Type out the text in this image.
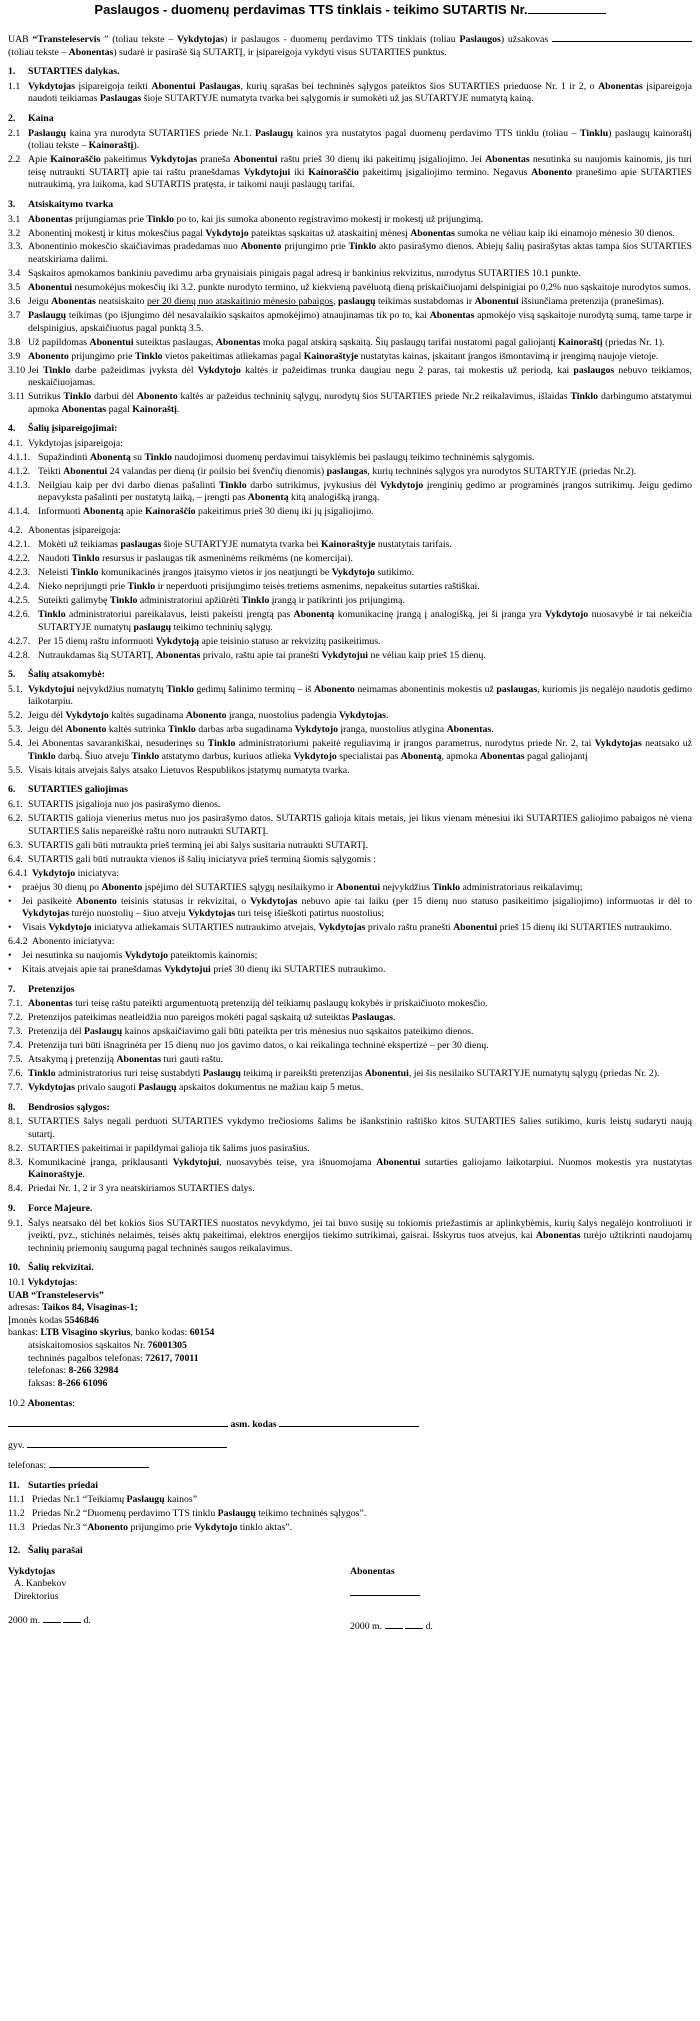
Paslaugos - duomenų perdavimas TTS tinklais - teikimo SUTARTIS Nr.

UAB “Transteleservis ” (toliau tekste – Vykdytojas) ir paslaugos - duomenų perdavimo TTS tinklais (toliau Paslaugos) užsakovas  (toliau tekste – Abonentas) sudarė ir pasirašė šią SUTARTĮ, ir įsipareigoja vykdyti visus SUTARTIES punktus.

1.	SUTARTIES dalykas.
1.1 Vykdytojas įsipareigoja teikti Abonentui Paslaugas, kurių sąrašas bei techninės sąlygos pateiktos šios SUTARTIES prieduose Nr. 1 ir 2, o Abonentas įsipareigoja naudoti teikiamas Paslaugas šioje SUTARTYJE numatyta tvarka bei sąlygomis ir sumokėti už jas SUTARTYJE numatytą kainą.
2.	Kaina
2.1 Paslaugų kaina yra nurodyta SUTARTIES priede Nr.1. Paslaugų kainos yra nustatytos pagal duomenų perdavimo TTS tinklu (toliau – Tinklu) paslaugų kainoraštį (toliau tekste – Kainoraštį).
2.2 Apie Kainoraščio pakeitimus Vykdytojas praneša Abonentui raštu prieš 30 dienų iki pakeitimų įsigaliojimo. Jei Abonentas nesutinka su naujomis kainomis, jis turi teisę nutraukti SUTARTĮ apie tai raštu pranešdamas Vykdytojui iki Kainoraščio pakeitimų įsigaliojimo termino. Negavus Abonento pranešimo apie SUTARTIES nutraukimą, yra laikoma, kad SUTARTIS pratęsta, ir taikomi nauji paslaugų tarifai.
3.	Atsiskaitymo tvarka
3.1 Abonentas prijungiamas prie Tinklo po to, kai jis sumoka abonento registravimo mokestį ir mokestį už prijungimą.
3.2 Abonentinį mokestį ir kitus mokesčius pagal Vykdytojo pateiktas sąskaitas už ataskaitinį mėnesį Abonentas sumoka ne vėliau kaip iki einamojo mėnesio 30 dienos.
3.3. Abonentinio mokesčio skaičiavimas pradedamas nuo Abonento prijungimo prie Tinklo akto pasirašymo dienos. Abiejų šalių pasirašytas aktas tampa šios SUTARTIES neatskiriama dalimi.
3.4 Sąskaitos apmokamos bankiniu pavedimu arba grynaisiais pinigais pagal adresą ir bankinius rekvizitus, nurodytus SUTARTIES 10.1 punkte.
3.5 Abonentui nesumokėjus mokesčių iki 3.2. punkte nurodyto termino, už kiekvieną pavėluotą dieną priskaičiuojami delspinigiai po 0,2% nuo sąskaitoje nurodytos sumos.
3.6 Jeigu Abonentas neatsiskaito per 20 dienų nuo ataskaitinio mėnesio pabaigos, paslaugų teikimas sustabdomas ir Abonentui išsiunčiama pretenzija (pranešimas).
3.7 Paslaugų teikimas (po išjungimo dėl nesavalaikio sąskaitos apmokėjimo) atnaujinamas tik po to, kai Abonentas apmokėjo visą sąskaitoje nurodytą sumą, tame tarpe ir delspinigius, apskaičiuotus pagal punktą 3.5.
3.8 Už papildomas Abonentui suteiktas paslaugas, Abonentas moka pagal atskirą sąskaitą. Šių paslaugų tarifai nustatomi pagal galiojantį Kainoraštį (priedas Nr. 1).
3.9 Abonento prijungimo prie Tinklo vietos pakeitimas atliekamas pagal Kainoraštyje nustatytas kainas, įskaitant įrangos išmontavimą ir įrengimą naujoje vietoje.
3.10 Jei Tinklo darbe pažeidimas įvyksta dėl Vykdytojo kaltės ir pažeidimas trunka daugiau negu 2 paras, tai mokestis už periodą, kai paslaugos nebuvo teikiamos, neskaičiuojamas.
3.11 Sutrikus Tinklo darbui dėl Abonento kaltės ar pažeidus techninių sąlygų, nurodytų šios SUTARTIES priede Nr.2 reikalavimus, išlaidas Tinklo darbingumo atstatymui apmoka Abonentas pagal Kainoraštį.
4.	Šalių įsipareigojimai:
4.1. Vykdytojas įsipareigoja:
4.1.1. Supažindinti Abonentą su Tinklo naudojimosi duomenų perdavimui taisyklėmis bei paslaugų teikimo techninėmis sąlygomis.
4.1.2. Teikti Abonentui 24 valandas per dieną (ir poilsio bei švenčių dienomis) paslaugas, kurių techninės sąlygos yra nurodytos SUTARTYJE (priedas Nr.2).
4.1.3. Neilgiau kaip per dvi darbo dienas pašalinti Tinklo darbo sutrikimus, įvykusius dėl Vykdytojo įrenginių gedimo ar programinės įrangos sutrikimų. Jeigu gedimo nepavyksta pašalinti per nustatytą laiką, – įrengti pas Abonentą kitą analogišką įrangą.
4.1.4. Informuoti Abonentą apie Kainoraščio pakeitimus prieš 30 dienų iki jų įsigaliojimo.
4.2. Abonentas įsipareigoja:
4.2.1. Mokėti už teikiamas paslaugas šioje SUTARTYJE numatyta tvarka bei Kainoraštyje nustatytais tarifais.
4.2.2. Naudoti Tinklo resursus ir paslaugas tik asmeninėms reikmėms (ne komercijai).
4.2.3. Neleisti Tinklo komunikacinės įrangos įtaisymo vietos ir jos neatjungti be Vykdytojo sutikimo.
4.2.4. Nieko neprijungti prie Tinklo ir neperduoti prisijungimo teisės tretiems asmenims, nepakeitus sutarties raštiškai.
4.2.5. Suteikti galimybę Tinklo administratoriui apžiūrėti Tinklo įrangą ir patikrinti jos prijungimą.
4.2.6. Tinklo administratoriui pareikalavus, leisti pakeisti įrengtą pas Abonentą komunikacinę įrangą į analogišką, jei ši įranga yra Vykdytojo nuosavybė ir tai nekeičia SUTARTYJE numatytų paslaugų teikimo techninių sąlygų.
4.2.7. Per 15 dienų raštu informuoti Vykdytoją apie teisinio statuso ar rekvizitų pasikeitimus.
4.2.8. Nutraukdamas šią SUTARTĮ, Abonentas privalo, raštu apie tai pranešti Vykdytojui ne vėliau kaip prieš 15 dienų.
5.	Šalių atsakomybė:
5.1. Vykdytojui neįvykdžius numatytų Tinklo gedimų šalinimo terminų – iš Abonento neimamas abonentinis mokestis už paslaugas, kuriomis jis negalėjo naudotis gedimo laikotarpiu.
5.2. Jeigu dėl Vykdytojo kaltės sugadinama Abonento įranga, nuostolius padengia Vykdytojas.
5.3. Jeigu dėl Abonento kaltės sutrinka Tinklo darbas arba sugadinama Vykdytojo įranga, nuostolius atlygina Abonentas.
5.4. Jei Abonentas savarankiškai, nesuderinęs su Tinklo administratoriumi pakeitė reguliavimą ir įrangos parametrus, nurodytus priede Nr. 2, tai Vykdytojas neatsako už Tinklo darbą. Šiuo atveju Tinklo atstatymo darbus, kuriuos atlieka Vykdytojo specialistai pas Abonentą, apmoka Abonentas pagal galiojantį
5.5. Visais kitais atvejais šalys atsako Lietuvos Respublikos įstatymų numatyta tvarka.
6.	SUTARTIES galiojimas
6.1. SUTARTIS įsigalioja nuo jos pasirašymo dienos.
6.2. SUTARTIS galioja vienerius metus nuo jos pasirašymo datos. SUTARTIS galioja kitais metais, jei likus vienam mėnesiui iki SUTARTIES galiojimo pabaigos nė viena SUTARTIES šalis nepareiškė raštu noro nutraukti SUTARTĮ.
6.3. SUTARTIS gali būti nutraukta prieš terminą jei abi šalys susitaria nutraukti SUTARTĮ.
6.4. SUTARTIS gali būti nutraukta vienos iš šalių iniciatyva prieš terminą šiomis sąlygomis :
6.4.1 Vykdytojo iniciatyva:
•	praėjus 30 dienų po Abonento įspėjimo dėl SUTARTIES sąlygų nesilaikymo ir Abonentui neįvykdžius Tinklo administratoriaus reikalavimų;
•	Jei pasikeitė Abonento teisinis statusas ir rekvizitai, o Vykdytojas nebuvo apie tai laiku (per 15 dienų nuo statuso pasikeitimo įsigaliojimo) informuotas ir dėl to Vykdytojas turėjo nuostolių – šiuo atveju Vykdytojas turi teisę išieškoti patirtus nuostolius;
•	Visais Vykdytojo iniciatyva atliekamais SUTARTIES nutraukimo atvejais, Vykdytojas privalo raštu pranešti Abonentui prieš 15 dienų iki SUTARTIES nutraukimo.
6.4.2 Abonento iniciatyva:
•	Jei nesutinka su naujomis Vykdytojo pateiktomis kainomis;
•	Kitais atvejais apie tai pranešdamas Vykdytojui prieš 30 dienų iki SUTARTIES nutraukimo.
7.	Pretenzijos
7.1. Abonentas turi teisę raštu pateikti argumentuotą pretenziją dėl teikiamų paslaugų kokybės ir priskaičiuoto mokesčio.
7.2. Pretenzijos pateikimas neatleidžia nuo pareigos mokėti pagal sąskaitą už suteiktas Paslaugas.
7.3. Pretenzija dėl Paslaugų kainos apskaičiavimo gali būti pateikta per tris mėnesius nuo sąskaitos pateikimo dienos.
7.4. Pretenzija turi būti išnagrinėta per 15 dienų nuo jos gavimo datos, o kai reikalinga techninė ekspertizė – per 30 dienų.
7.5. Atsakymą į pretenziją Abonentas turi gauti raštu.
7.6. Tinklo administratorius turi teisę sustabdyti Paslaugų teikimą ir pareikšti pretenzijas Abonentui, jei šis nesilaiko SUTARTYJE numatytų sąlygų (priedas Nr. 2).
7.7. Vykdytojas privalo saugoti Paslaugų apskaitos dokumentus ne mažiau kaip 5 metus.
8.	Bendrosios sąlygos:
8.1. SUTARTIES šalys negali perduoti SUTARTIES vykdymo trečiosioms šalims be išankstinio raštiško kitos SUTARTIES šalies sutikimo, kuris leistų sudaryti naują sutartį.
8.2. SUTARTIES pakeitimai ir papildymai galioja tik šalims juos pasirašius.
8.3. Komunikacinė įranga, priklausanti Vykdytojui, nuosavybės teise, yra išnuomojama Abonentui sutarties galiojamo laikotarpiui. Nuomos mokestis yra nustatytas Kainoraštyje.
8.4. Priedai Nr. 1, 2 ir 3 yra neatskiriamos SUTARTIES dalys.
9.	Force Majeure.
9.1. Šalys neatsako dėl bet kokios šios SUTARTIES nuostatos nevykdymo, jei tai buvo susiję su tokiomis priežastimis ar aplinkybėmis, kurių šalys negalėjo kontroliuoti ir įveikti, pvz., stichinės nelaimės, teisės aktų pakeitimai, elektros energijos tiekimo sutrikimai, gaisrai. Išskyrus tuos atvejus, kai Abonentas turėjo užtikrinti naudojamų techninių priemonių saugumą pagal techninės saugos reikalavimus.
10. Šalių rekvizitai.
10.1 Vykdytojas:
UAB “Transteleservis”
adresas: Taikos 84, Visaginas-1;
Įmonės kodas 5546846
bankas: LTB Visagino skyrius, banko kodas: 60154
atsiskaitomosios sąskaitos Nr. 76001305
techninės pagalbos telefonas: 72617, 70011
telefonas: 8-266 32984
faksas: 8-266 61096
10.2 Abonentas:
asm. kodas
gyv.
telefonas:
11. Sutarties priedai
11.1 Priedas Nr.1 “Teikiamų Paslaugų kainos”
11.2 Priedas Nr.2 “Duomenų perdavimo TTS tinklu Paslaugų teikimo techninės sąlygos”.
11.3 Priedas Nr.3 “Abonento prijungimo prie Vykdytojo tinklo aktas”.
12. Šalių parašai
Vykdytojas
A. Kanbekov
Direktorius
2000 m.	d.
Abonentas
2000 m.	d.
